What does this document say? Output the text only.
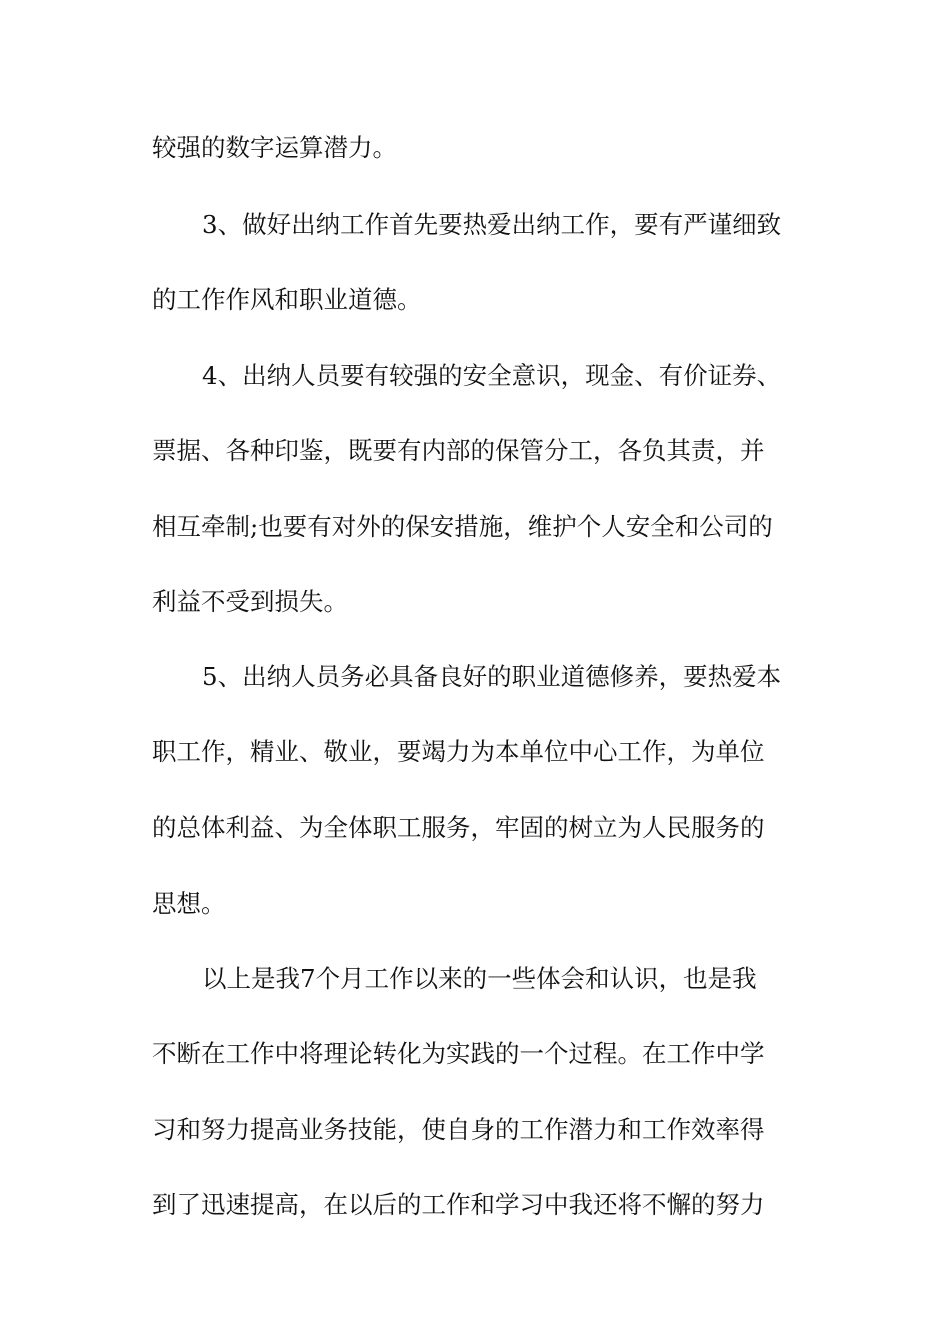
较强的数字运算潜力。
3、做好出纳工作首先要热爱出纳工作，要有严谨细致
的工作作风和职业道德。
4、出纳人员要有较强的安全意识，现金、有价证券、
票据、各种印鉴，既要有内部的保管分工，各负其责，并
相互牵制;也要有对外的保安措施，维护个人安全和公司的
利益不受到损失。
5、出纳人员务必具备良好的职业道德修养，要热爱本
职工作，精业、敬业，要竭力为本单位中心工作，为单位
的总体利益、为全体职工服务，牢固的树立为人民服务的
思想。
以上是我7个月工作以来的一些体会和认识，也是我
不断在工作中将理论转化为实践的一个过程。在工作中学
习和努力提高业务技能，使自身的工作潜力和工作效率得
到了迅速提高，在以后的工作和学习中我还将不懈的努力
